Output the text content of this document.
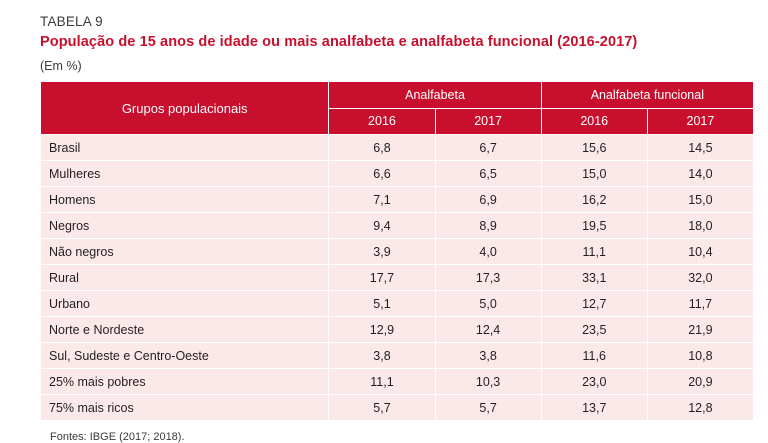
TABELA 9
População de 15 anos de idade ou mais analfabeta e analfabeta funcional (2016-2017)
(Em %)
Grupos populacionais	Analfabeta		Analfabeta funcional	
	2016	2017	2016	2017
Brasil	6,8	6,7	15,6	14,5
Mulheres	6,6	6,5	15,0	14,0
Homens	7,1	6,9	16,2	15,0
Negros	9,4	8,9	19,5	18,0
Não negros	3,9	4,0	11,1	10,4
Rural	17,7	17,3	33,1	32,0
Urbano	5,1	5,0	12,7	11,7
Norte e Nordeste	12,9	12,4	23,5	21,9
Sul, Sudeste e Centro-Oeste	3,8	3,8	11,6	10,8
25% mais pobres	11,1	10,3	23,0	20,9
75% mais ricos	5,7	5,7	13,7	12,8
Fontes: IBGE (2017; 2018).
